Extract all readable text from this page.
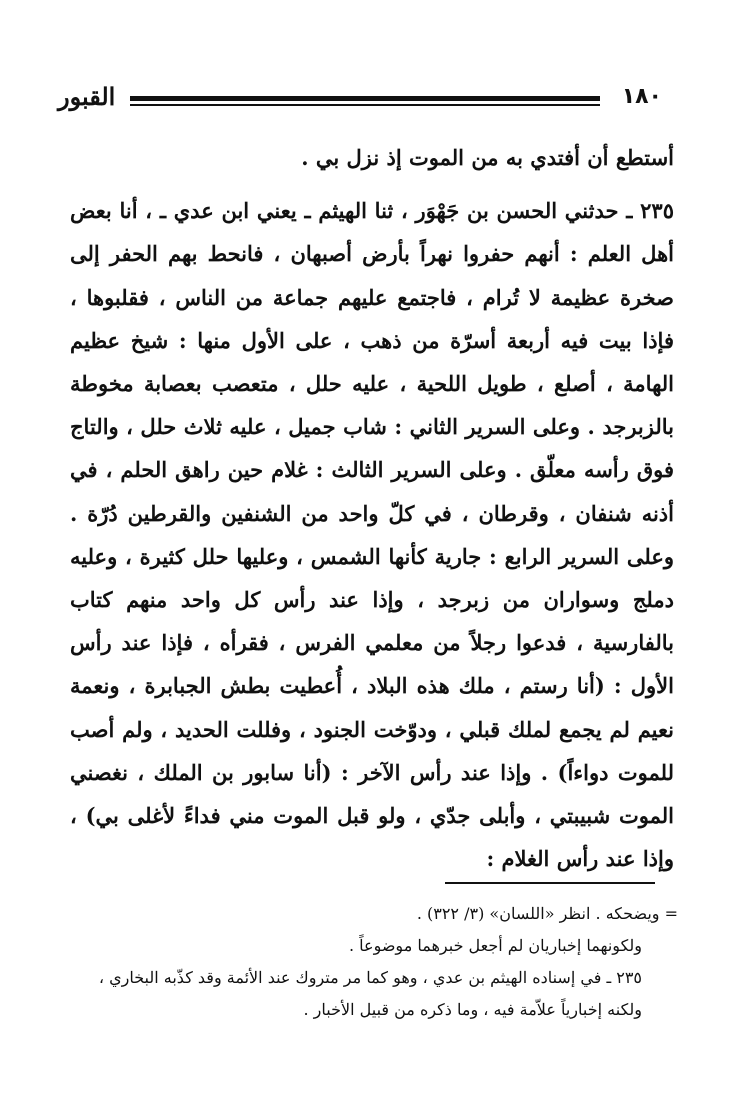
١٨٠
القبور

أستطع أن أفتدي به من الموت إذ نزل بي .

٢٣٥ ـ حدثني الحسن بن جَهْوَر ، ثنا الهيثم ـ يعني ابن عدي ـ ، أنا بعض أهل العلم : أنهم حفروا نهراً بأرض أصبهان ، فانحط بهم الحفر إلى صخرة عظيمة لا تُرام ، فاجتمع عليهم جماعة من الناس ، فقلبوها ، فإذا بيت فيه أربعة أسرّة من ذهب ، على الأول منها : شيخ عظيم الهامة ، أصلع ، طويل اللحية ، عليه حلل ، متعصب بعصابة مخوطة بالزبرجد . وعلى السرير الثاني : شاب جميل ، عليه ثلاث حلل ، والتاج فوق رأسه معلّق . وعلى السرير الثالث : غلام حين راهق الحلم ، في أذنه شنفان ، وقرطان ، في كلّ واحد من الشنفين والقرطين دُرّة . وعلى السرير الرابع : جارية كأنها الشمس ، وعليها حلل كثيرة ، وعليه دملج وسواران من زبرجد ، وإذا عند رأس كل واحد منهم كتاب بالفارسية ، فدعوا رجلاً من معلمي الفرس ، فقرأه ، فإذا عند رأس الأول : (أنا رستم ، ملك هذه البلاد ، أُعطيت بطش الجبابرة ، ونعمة نعيم لم يجمع لملك قبلي ، ودوّخت الجنود ، وفللت الحديد ، ولم أصب للموت دواءاً) . وإذا عند رأس الآخر : (أنا سابور بن الملك ، نغصني الموت شبيبتي ، وأبلى جدّي ، ولو قبل الموت مني فداءً لأغلى بي) ، وإذا عند رأس الغلام :

= ويضحكه . انظر «اللسان» (٣/ ٣٢٢) .

ولكونهما إخباريان لم أجعل خبرهما موضوعاً .

٢٣٥ ـ في إسناده الهيثم بن عدي ، وهو كما مر متروك عند الأئمة وقد كذّبه البخاري ، ولكنه إخبارياً علاّمة فيه ، وما ذكره من قبيل الأخبار .
